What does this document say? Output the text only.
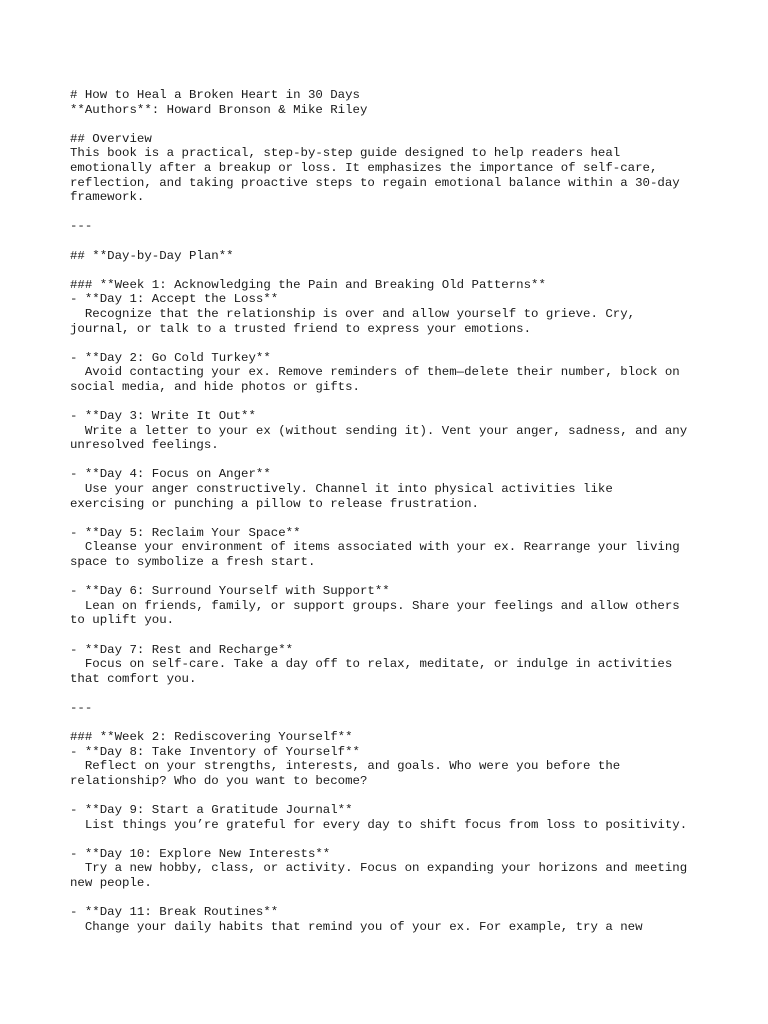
# How to Heal a Broken Heart in 30 Days
**Authors**: Howard Bronson & Mike Riley
## Overview
This book is a practical, step-by-step guide designed to help readers heal
emotionally after a breakup or loss. It emphasizes the importance of self-care,
reflection, and taking proactive steps to regain emotional balance within a 30-day
framework.
---
## **Day-by-Day Plan**
### **Week 1: Acknowledging the Pain and Breaking Old Patterns**
- **Day 1: Accept the Loss**
Recognize that the relationship is over and allow yourself to grieve. Cry,
journal, or talk to a trusted friend to express your emotions.
- **Day 2: Go Cold Turkey**
Avoid contacting your ex. Remove reminders of them—delete their number, block on
social media, and hide photos or gifts.
- **Day 3: Write It Out**
Write a letter to your ex (without sending it). Vent your anger, sadness, and any
unresolved feelings.
- **Day 4: Focus on Anger**
Use your anger constructively. Channel it into physical activities like
exercising or punching a pillow to release frustration.
- **Day 5: Reclaim Your Space**
Cleanse your environment of items associated with your ex. Rearrange your living
space to symbolize a fresh start.
- **Day 6: Surround Yourself with Support**
Lean on friends, family, or support groups. Share your feelings and allow others
to uplift you.
- **Day 7: Rest and Recharge**
Focus on self-care. Take a day off to relax, meditate, or indulge in activities
that comfort you.
---
### **Week 2: Rediscovering Yourself**
- **Day 8: Take Inventory of Yourself**
Reflect on your strengths, interests, and goals. Who were you before the
relationship? Who do you want to become?
- **Day 9: Start a Gratitude Journal**
List things you’re grateful for every day to shift focus from loss to positivity.
- **Day 10: Explore New Interests**
Try a new hobby, class, or activity. Focus on expanding your horizons and meeting
new people.
- **Day 11: Break Routines**
Change your daily habits that remind you of your ex. For example, try a new
